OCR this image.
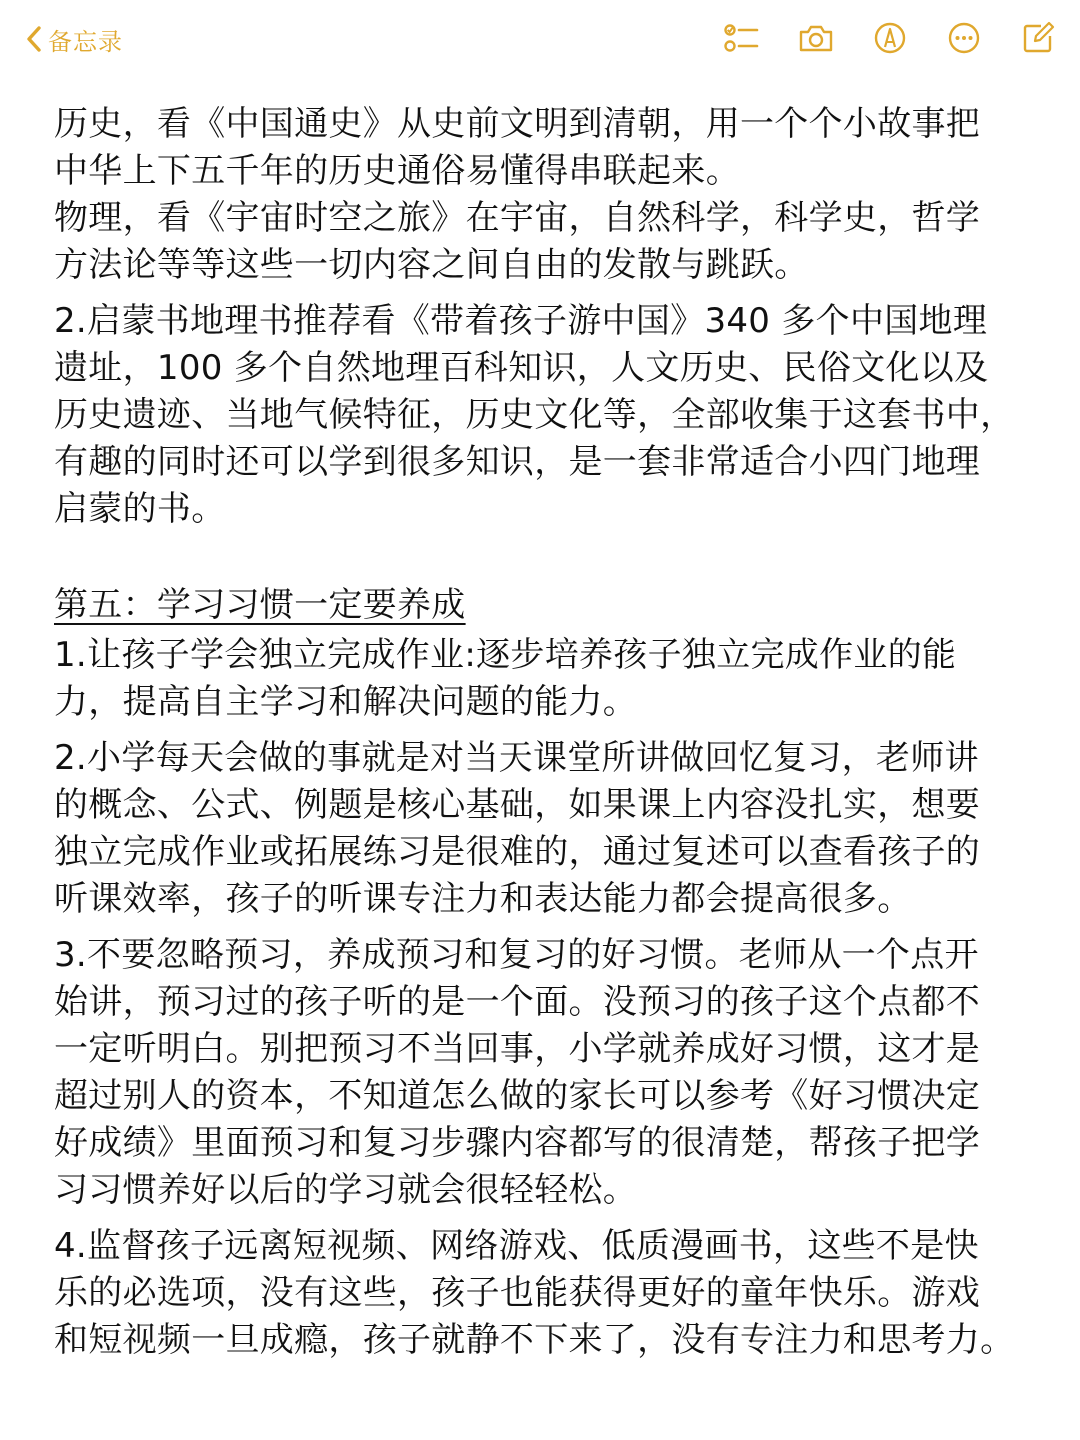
备忘录
历史，看《中国通史》从史前文明到清朝，用一个个小故事把
中华上下五千年的历史通俗易懂得串联起来。
物理，看《宇宙时空之旅》在宇宙，自然科学，科学史，哲学
方法论等等这些一切内容之间自由的发散与跳跃。
2.启蒙书地理书推荐看《带着孩子游中国》340 多个中国地理
遗址，100 多个自然地理百科知识，人文历史、民俗文化以及
历史遗迹、当地气候特征，历史文化等，全部收集于这套书中，
有趣的同时还可以学到很多知识，是一套非常适合小四门地理
启蒙的书。
第五：学习习惯一定要养成
1.让孩子学会独立完成作业:逐步培养孩子独立完成作业的能
力，提高自主学习和解决问题的能力。
2.小学每天会做的事就是对当天课堂所讲做回忆复习，老师讲
的概念、公式、例题是核心基础，如果课上内容没扎实，想要
独立完成作业或拓展练习是很难的，通过复述可以查看孩子的
听课效率，孩子的听课专注力和表达能力都会提高很多。
3.不要忽略预习，养成预习和复习的好习惯。老师从一个点开
始讲，预习过的孩子听的是一个面。没预习的孩子这个点都不
一定听明白。别把预习不当回事，小学就养成好习惯，这才是
超过别人的资本，不知道怎么做的家长可以参考《好习惯决定
好成绩》里面预习和复习步骤内容都写的很清楚，帮孩子把学
习习惯养好以后的学习就会很轻轻松。
4.监督孩子远离短视频、网络游戏、低质漫画书，这些不是快
乐的必选项，没有这些，孩子也能获得更好的童年快乐。游戏
和短视频一旦成瘾，孩子就静不下来了，没有专注力和思考力。
